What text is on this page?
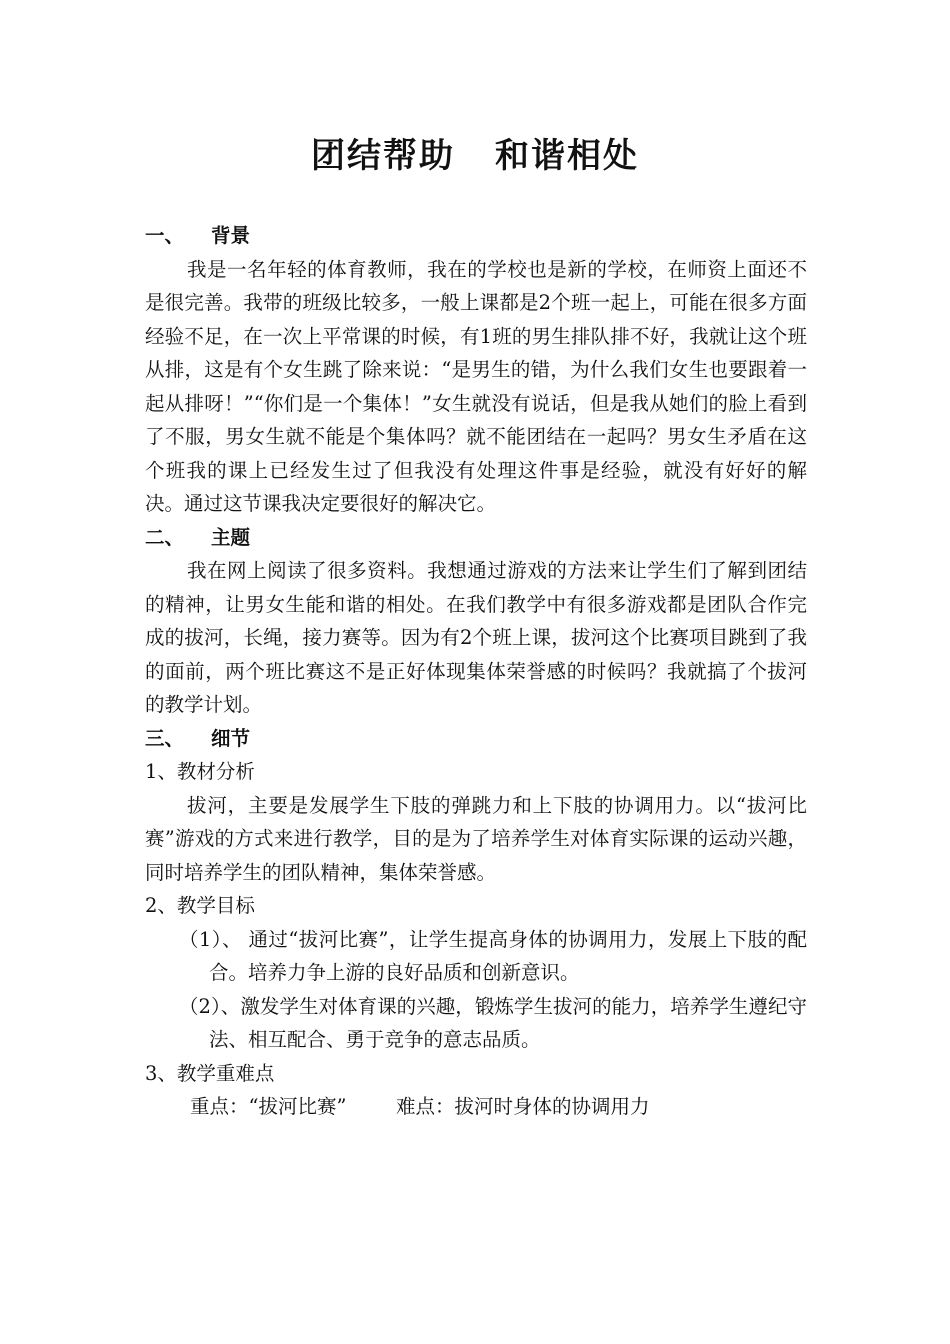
团结帮助 和谐相处

一、 背景

我是一名年轻的体育教师，我在的学校也是新的学校，在师资上面还不是很完善。我带的班级比较多，一般上课都是2个班一起上，可能在很多方面经验不足，在一次上平常课的时候，有1班的男生排队排不好，我就让这个班从排，这是有个女生跳了除来说：“是男生的错，为什么我们女生也要跟着一起从排呀！”“你们是一个集体！”女生就没有说话，但是我从她们的脸上看到了不服，男女生就不能是个集体吗？就不能团结在一起吗？男女生矛盾在这个班我的课上已经发生过了但我没有处理这件事是经验，就没有好好的解决。通过这节课我决定要很好的解决它。

二、 主题

我在网上阅读了很多资料。我想通过游戏的方法来让学生们了解到团结的精神，让男女生能和谐的相处。在我们教学中有很多游戏都是团队合作完成的拔河，长绳，接力赛等。因为有2个班上课，拔河这个比赛项目跳到了我的面前，两个班比赛这不是正好体现集体荣誉感的时候吗？我就搞了个拔河的教学计划。

三、 细节

1、教材分析

拔河，主要是发展学生下肢的弹跳力和上下肢的协调用力。以“拔河比赛”游戏的方式来进行教学，目的是为了培养学生对体育实际课的运动兴趣，同时培养学生的团队精神，集体荣誉感。

2、教学目标

（1）、 通过“拔河比赛”，让学生提高身体的协调用力，发展上下肢的配合。培养力争上游的良好品质和创新意识。

（2）、激发学生对体育课的兴趣，锻炼学生拔河的能力，培养学生遵纪守法、相互配合、勇于竞争的意志品质。

3、教学重难点

重点：“拔河比赛”	难点：拔河时身体的协调用力
